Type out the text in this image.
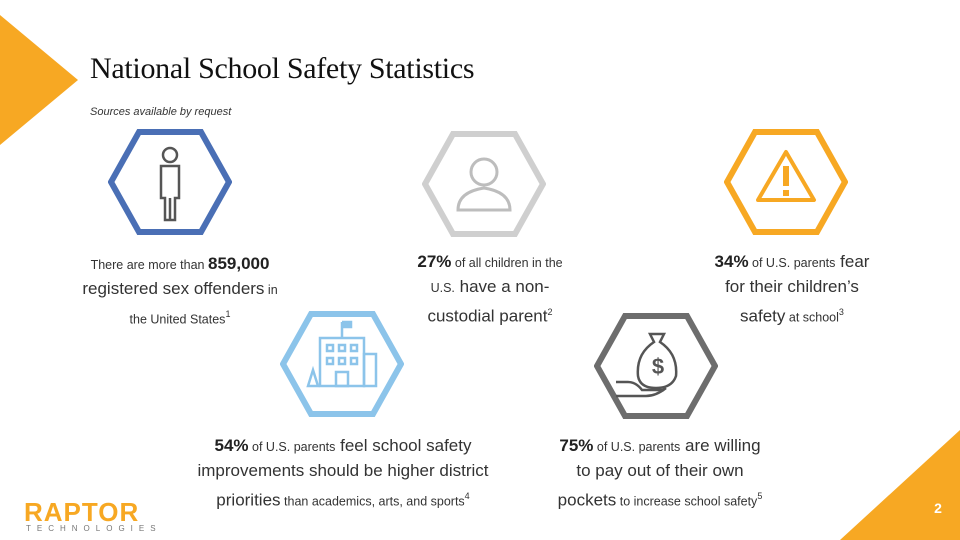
National School Safety Statistics
Sources available by request
$
There are more than 859,000
registered sex offenders in
the United States$^1$
27% of all children in the
U.S. have a non-
custodial parent$^2$
34% of U.S. parents fear
for their children’s
safety at school$^3$
54% of U.S. parents feel school safety
improvements should be higher district
priorities than academics, arts, and sports$^4$
75% of U.S. parents are willing
to pay out of their own
pockets to increase school safety$^5$
RAPTOR
TECHNOLOGIES
2
